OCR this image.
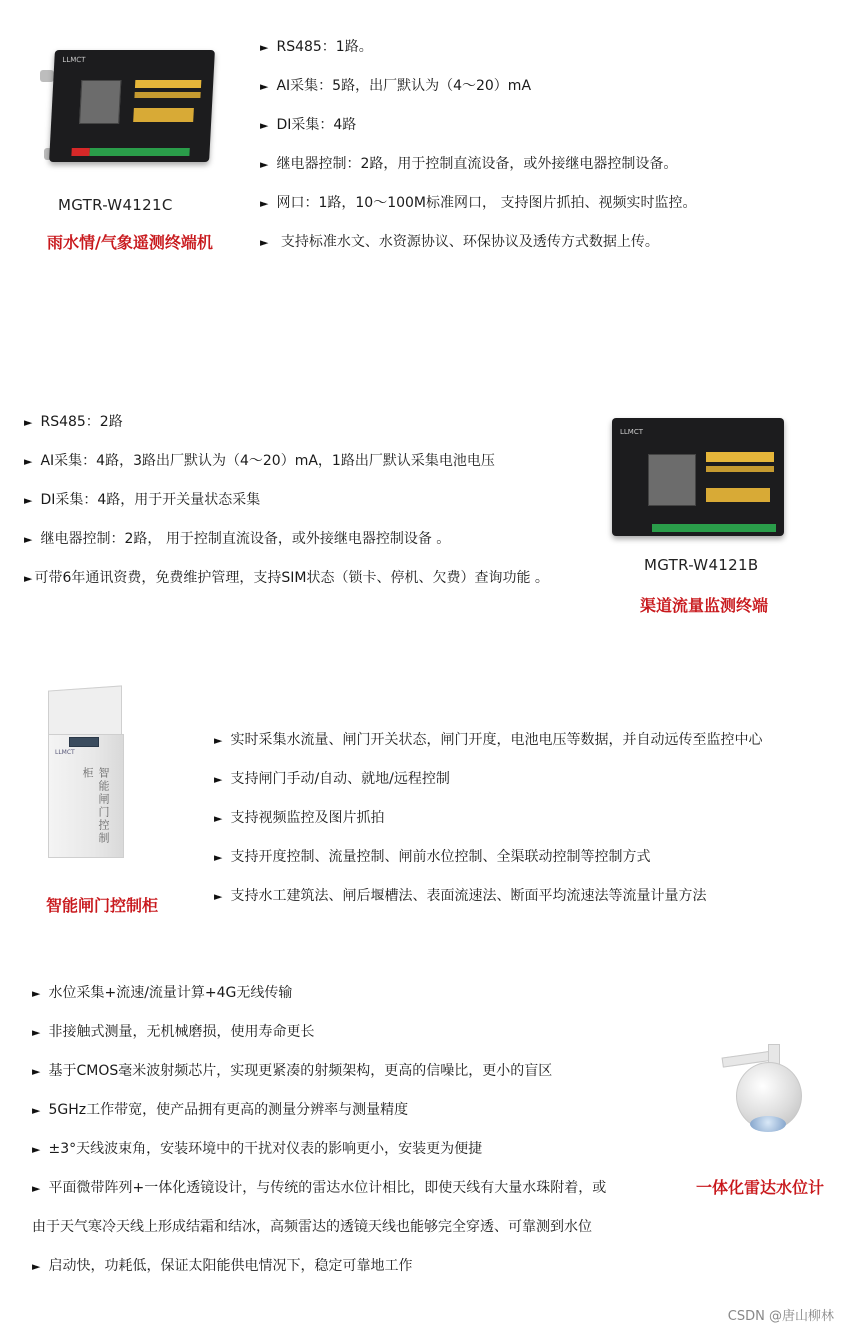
LLMCT
MGTR-W4121C
雨水情/气象遥测终端机
► RS485：1路。
► AI采集：5路，出厂默认为（4～20）mA
► DI采集：4路
► 继电器控制：2路，用于控制直流设备，或外接继电器控制设备。
► 网口：1路，10～100M标准网口， 支持图片抓拍、视频实时监控。
► 支持标准水文、水资源协议、环保协议及透传方式数据上传。
► RS485：2路
► AI采集：4路，3路出厂默认为（4～20）mA，1路出厂默认采集电池电压
► DI采集：4路，用于开关量状态采集
► 继电器控制：2路， 用于控制直流设备，或外接继电器控制设备 。
► 可带6年通讯资费，免费维护管理，支持SIM状态（锁卡、停机、欠费）查询功能 。
LLMCT
MGTR-W4121B
渠道流量监测终端
LLMCT
智能闸门控制柜
智能闸门控制柜
► 实时采集水流量、闸门开关状态，闸门开度，电池电压等数据，并自动远传至监控中心
► 支持闸门手动/自动、就地/远程控制
► 支持视频监控及图片抓拍
► 支持开度控制、流量控制、闸前水位控制、全渠联动控制等控制方式
► 支持水工建筑法、闸后堰槽法、表面流速法、断面平均流速法等流量计量方法
► 水位采集+流速/流量计算+4G无线传输
► 非接触式测量，无机械磨损，使用寿命更长
► 基于CMOS毫米波射频芯片，实现更紧凑的射频架构，更高的信噪比，更小的盲区
► 5GHz工作带宽，使产品拥有更高的测量分辨率与测量精度
► ±3°天线波束角，安装环境中的干扰对仪表的影响更小，安装更为便捷
► 平面微带阵列+一体化透镜设计，与传统的雷达水位计相比，即使天线有大量水珠附着，或
由于天气寒冷天线上形成结霜和结冰，高频雷达的透镜天线也能够完全穿透、可靠测到水位
► 启动快，功耗低，保证太阳能供电情况下，稳定可靠地工作
一体化雷达水位计
CSDN @唐山柳林
